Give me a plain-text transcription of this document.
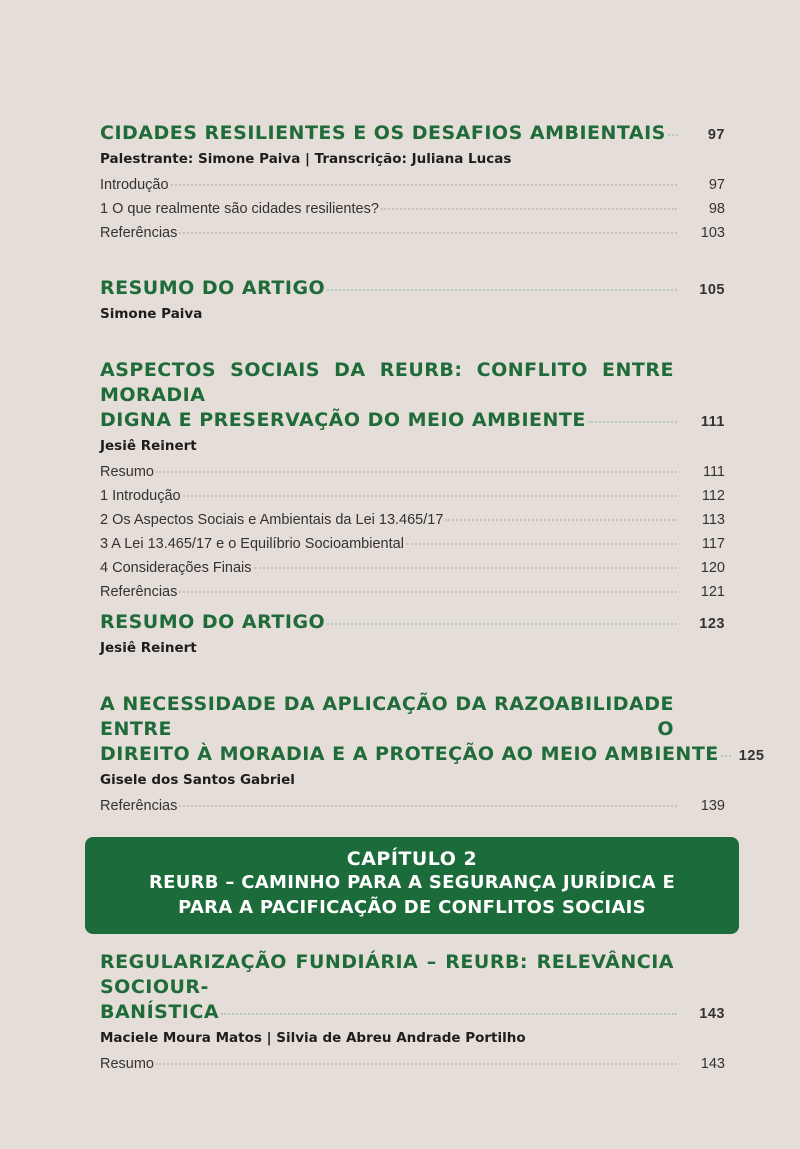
CIDADES RESILIENTES E OS DESAFIOS AMBIENTAIS	97
Palestrante: Simone Paiva | Transcrição: Juliana Lucas
Introdução	97
1 O que realmente são cidades resilientes?	98
Referências	103
RESUMO DO ARTIGO	105
Simone Paiva
ASPECTOS SOCIAIS DA REURB: CONFLITO ENTRE MORADIA
DIGNA E PRESERVAÇÃO DO MEIO AMBIENTE	111
Jesiê Reinert
Resumo	111
1 Introdução	112
2 Os Aspectos Sociais e Ambientais da Lei 13.465/17	113
3 A Lei 13.465/17 e o Equilíbrio Socioambiental	117
4 Considerações Finais	120
Referências	121
RESUMO DO ARTIGO	123
Jesiê Reinert
A NECESSIDADE DA APLICAÇÃO DA RAZOABILIDADE ENTRE O
DIREITO À MORADIA E A PROTEÇÃO AO MEIO AMBIENTE 125
Gisele dos Santos Gabriel
Referências	139
CAPÍTULO 2
REURB – CAMINHO PARA A SEGURANÇA JURÍDICA E PARA A PACIFICAÇÃO DE CONFLITOS SOCIAIS
REGULARIZAÇÃO FUNDIÁRIA – REURB: RELEVÂNCIA SOCIOUR-
BANÍSTICA	143
Maciele Moura Matos | Silvia de Abreu Andrade Portilho
Resumo	143
